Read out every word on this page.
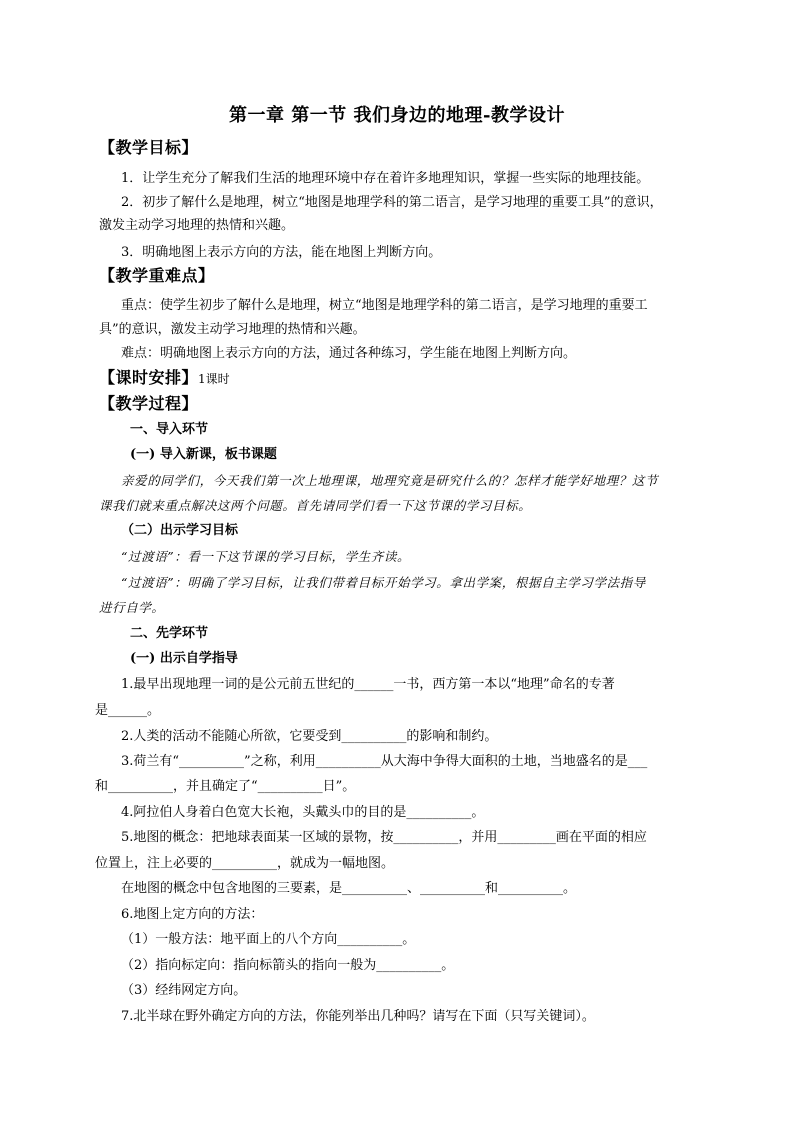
第一章 第一节 我们身边的地理-教学设计
【教学目标】
1．让学生充分了解我们生活的地理环境中存在着许多地理知识，掌握一些实际的地理技能。
2．初步了解什么是地理，树立“地图是地理学科的第二语言，是学习地理的重要工具”的意识，
激发主动学习地理的热情和兴趣。
3．明确地图上表示方向的方法，能在地图上判断方向。
【教学重难点】
重点：使学生初步了解什么是地理，树立“地图是地理学科的第二语言，是学习地理的重要工
具”的意识，激发主动学习地理的热情和兴趣。
难点：明确地图上表示方向的方法，通过各种练习，学生能在地图上判断方向。
【课时安排】1课时
【教学过程】
一、导入环节
(一) 导入新课，板书课题
亲爱的同学们，今天我们第一次上地理课，地理究竟是研究什么的？怎样才能学好地理？这节
课我们就来重点解决这两个问题。首先请同学们看一下这节课的学习目标。
（二）出示学习目标
“过渡语”：看一下这节课的学习目标，学生齐读。
“过渡语”：明确了学习目标，让我们带着目标开始学习。拿出学案，根据自主学习学法指导
进行自学。
二、先学环节
(一) 出示自学指导
1.最早出现地理一词的是公元前五世纪的______一书，西方第一本以“地理”命名的专著
是______。
2.人类的活动不能随心所欲，它要受到__________的影响和制约。
3.荷兰有“__________”之称，利用__________从大海中争得大面积的土地，当地盛名的是___
和__________，并且确定了“__________日”。
4.阿拉伯人身着白色宽大长袍，头戴头巾的目的是__________。
5.地图的概念：把地球表面某一区域的景物，按__________，并用_________画在平面的相应
位置上，注上必要的__________，就成为一幅地图。
在地图的概念中包含地图的三要素，是__________、__________和__________。
6.地图上定方向的方法：
（1）一般方法：地平面上的八个方向__________。
（2）指向标定向：指向标箭头的指向一般为__________。
（3）经纬网定方向。
7.北半球在野外确定方向的方法，你能列举出几种吗？请写在下面（只写关键词）。
